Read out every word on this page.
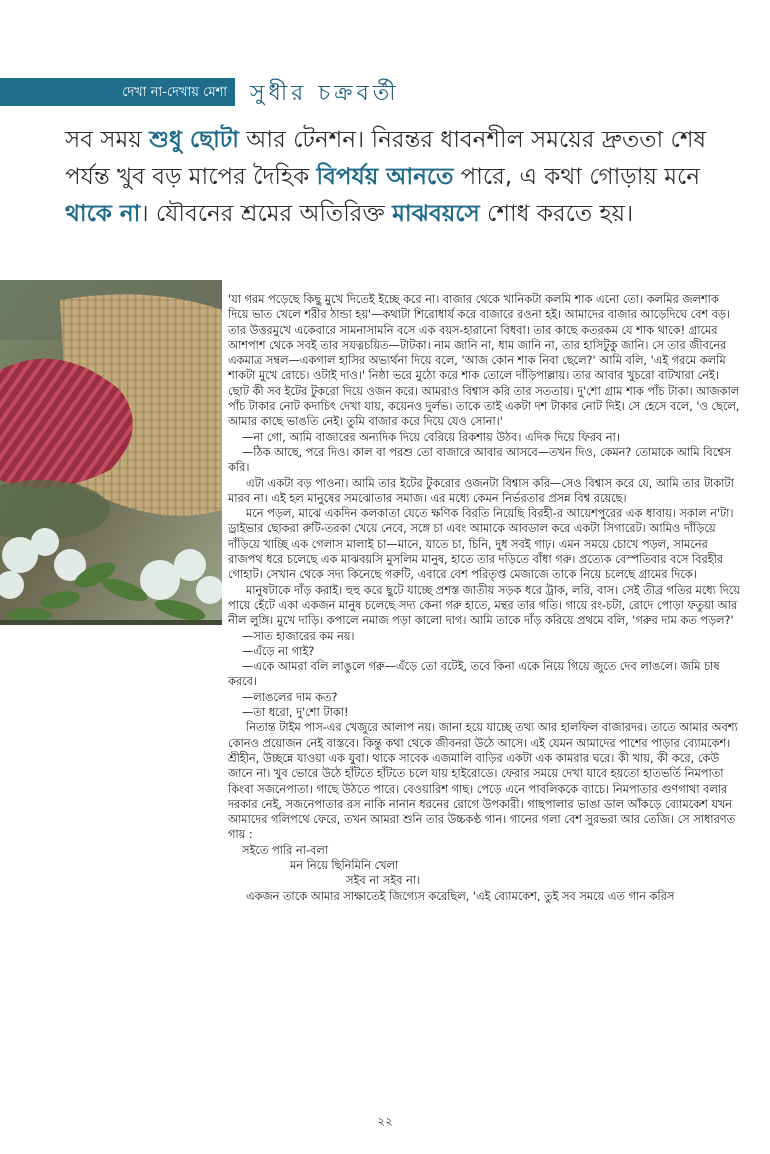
দেখা না-দেখায় মেশা সুধীর চক্রবর্তী
সব সময় শুধু ছোটা আর টেনশন। নিরন্তর ধাবনশীল সময়ের দ্রুততা শেষ পর্যন্ত খুব বড় মাপের দৈহিক বিপর্যয় আনতে পারে, এ কথা গোড়ায় মনে থাকে না। যৌবনের শ্রমের অতিরিক্ত মাঝবয়সে শোধ করতে হয়।

'যা গরম পড়েছে কিছু মুখে দিতেই ইচ্ছে করে না। বাজার থেকে খানিকটা কলমি শাক এনো তো। কলমির জলশাক দিয়ে ভাত খেলে শরীর ঠান্ডা হয়'—কথাটা শিরোধার্য করে বাজারে রওনা হই। আমাদের বাজার আড়েদিঘে বেশ বড়। তার উত্তরমুখে একেবারে সামনাসামনি বসে এক বয়স-হারানো বিধবা। তার কাছে কতরকম যে শাক থাকে! গ্রামের আশপাশ থেকে সবই তার সযত্নচয়িত—টাটকা। নাম জানি না, ধাম জানি না, তার হাসিটুকু জানি। সে তার জীবনের একমাত্র সম্বল—একগাল হাসির অভ্যর্থনা দিয়ে বলে, 'আজ কোন শাক নিবা ছেলে?' আমি বলি, 'এই গরমে কলমি শাকটা মুখে রোচে। ওটাই দাও।' নিষ্ঠা ভরে মুঠো করে শাক তোলে দাঁড়িপাল্লায়। তার আবার খুচরো বাটখারা নেই। ছোট কী সব ইটের টুকরো দিয়ে ওজন করে। আমরাও বিশ্বাস করি তার সততায়। দু'শো গ্রাম শাক পাঁচ টাকা। আজকাল পাঁচ টাকার নোট কদাচিৎ দেখা যায়, কয়েনও দুর্লভ। তাকে তাই একটা দশ টাকার নোট দিই। সে হেসে বলে, 'ও ছেলে, আমার কাছে ভাঙতি নেই। তুমি বাজার করে দিয়ে যেও সোনা।'

—না গো, আমি বাজারের অন্যদিক দিয়ে বেরিয়ে রিকশায় উঠব। এদিক দিয়ে ফিরব না।

—ঠিক আছে, পরে দিও। কাল বা পরশু তো বাজারে আবার আসবে—তখন দিও, কেমন? তোমাকে আমি বিশ্বেস করি।

এটা একটা বড় পাওনা। আমি তার ইটের টুকরোর ওজনটা বিশ্বাস করি—সেও বিশ্বাস করে যে, আমি তার টাকাটা মারব না। এই হল মানুষের সমঝোতার সমাজ। এর মধ্যে কেমন নির্ভরতার প্রসন্ন বিশ্ব রয়েছে।

মনে পড়ল, মাঝে একদিন কলকাতা যেতে ক্ষণিক বিরতি নিয়েছি বিরহী-র আয়েশপুরের এক ধাবায়। সকাল ন'টা। ড্রাইভার ছোকরা রুটি-তরকা খেয়ে নেবে, সঙ্গে চা এবং আমাকে আবডাল করে একটা সিগারেট। আমিও দাঁড়িয়ে দাঁড়িয়ে খাচ্ছি এক গেলাস মালাই চা—মানে, যাতে চা, চিনি, দুধ সবই গাঢ়। এমন সময়ে চোখে পড়ল, সামনের রাজপথ ধরে চলেছে এক মাঝবয়সি মুসলিম মানুষ, হাতে তার দড়িতে বাঁধা গরু। প্রত্যেক বেস্পতিবার বসে বিরহীর গোহাট। সেখান থেকে সদ্য কিনেছে গরুটি, এবারে বেশ পরিতৃপ্ত মেজাজে তাকে নিয়ে চলেছে গ্রামের দিকে।

মানুষটাকে দাঁড় করাই। হুহু করে ছুটে যাচ্ছে প্রশস্ত জাতীয় সড়ক ধরে ট্রাক, লরি, বাস। সেই তীব্র গতির মধ্যে দিয়ে পায়ে হেঁটে একা একজন মানুষ চলেছে সদ্য কেনা গরু হাতে, মন্থর তার গতি। গায়ে রং-চটা, রোদে পোড়া ফতুয়া আর নীল লুঙ্গি। মুখে দাড়ি। কপালে নমাজ পড়া কালো দাগ। আমি তাকে দাঁড় করিয়ে প্রথমে বলি, 'গরুর দাম কত পড়ল?'

—সাত হাজারের কম নয়।

—এঁড়ে না গাই?

—একে আমরা বলি লাঙুলে গরু—এঁড়ে তো বটেই, তবে কিনা একে নিয়ে গিয়ে জুতে দেব লাঙলে। জমি চাষ করবে।

—লাঙলের দাম কত?

—তা ধরো, দু'শো টাকা!

নিতান্ত টাইম পাস-এর খেজুরে আলাপ নয়। জানা হয়ে যাচ্ছে তথ্য আর হালফিল বাজারদর। তাতে আমার অবশ্য কোনও প্রয়োজন নেই বাস্তবে। কিন্তু কথা থেকে জীবনরা উঠে আসে। এই যেমন আমাদের পাশের পাড়ার ব্যোমকেশ। শ্রীহীন, উচ্ছন্নে যাওয়া এক যুবা। থাকে সাবেক এজমালি বাড়ির একটা এক কামরার ঘরে। কী খায়, কী করে, কেউ জানে না। খুব ভোরে উঠে হাঁটতে হাঁটতে চলে যায় হাইরোডে। ফেরার সময়ে দেখা যাবে হয়তো হাতভর্তি নিমপাতা কিংবা সজনেপাতা। গাছে উঠতে পারে। বেওয়ারিশ গাছ। পেড়ে এনে পাবলিককে ব্যাচে। নিমপাতার গুণগাথা বলার দরকার নেই, সজনেপাতার রস নাকি নানান ধরনের রোগে উপকারী। গাছপালার ভাঙা ডাল আঁকড়ে ব্যোমকেশ যখন আমাদের গলিপথে ফেরে, তখন আমরা শুনি তার উচ্চকণ্ঠ গান। গানের গলা বেশ সুরভরা আর তেজি। সে সাধারণত গায় :

সইতে পারি না-বলা
মন নিয়ে ছিনিমিনি খেলা
সইব না সইব না।

একজন তাকে আমার সাক্ষাতেই জিগ্যেস করেছিল, 'এই ব্যোমকেশ, তুই সব সময়ে এত গান করিস

২২
